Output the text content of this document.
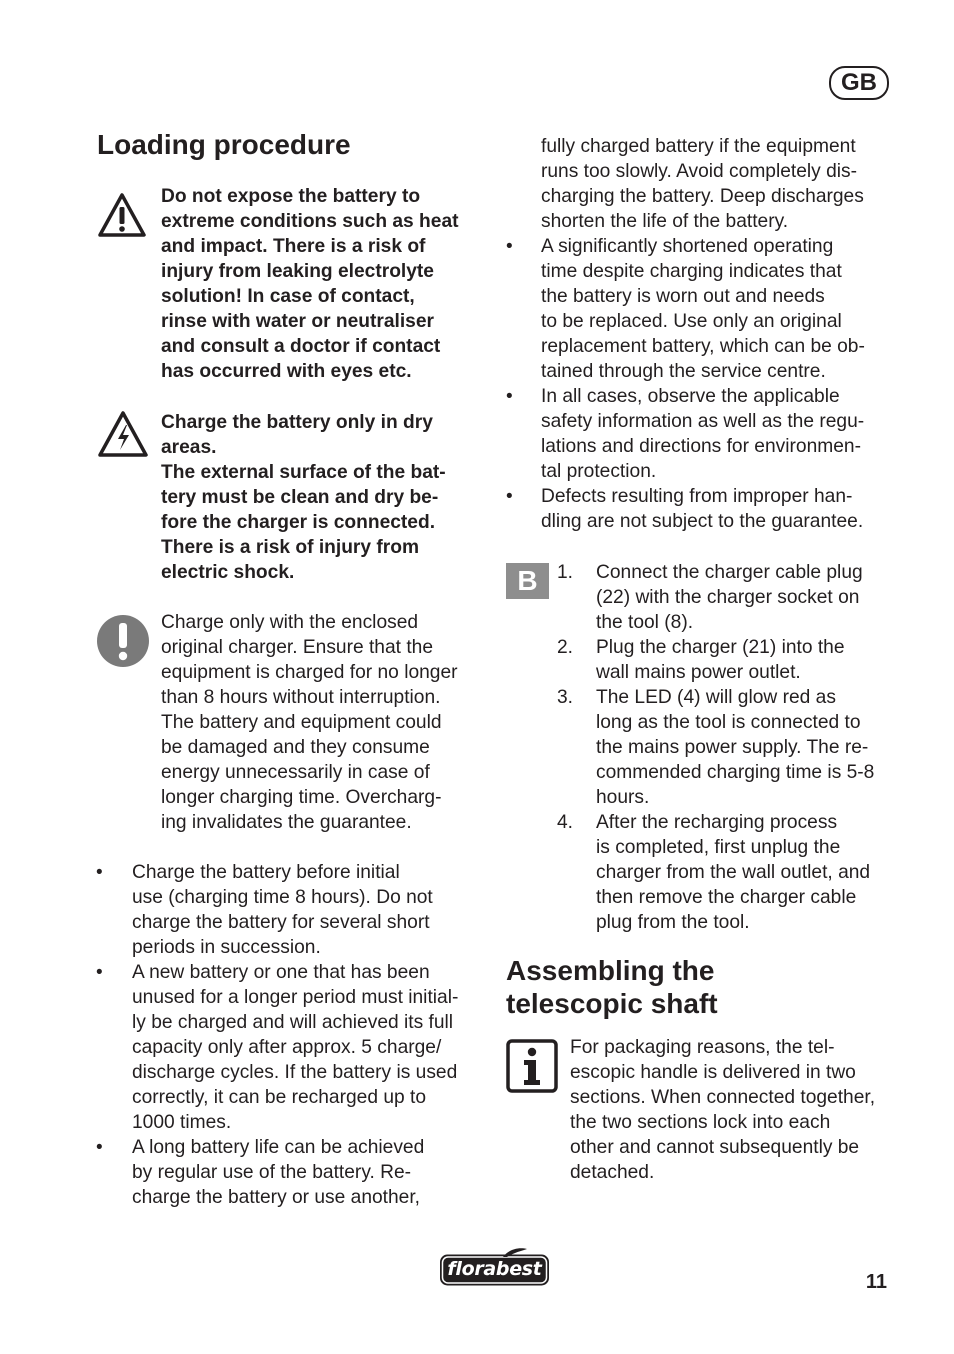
GB
Loading procedure
Do not expose the battery to
extreme conditions such as heat
and impact. There is a risk of
injury from leaking electrolyte
solution! In case of contact,
rinse with water or neutraliser
and consult a doctor if contact
has occurred with eyes etc.
Charge the battery only in dry
areas.
The external surface of the bat-
tery must be clean and dry be-
fore the charger is connected.
There is a risk of injury from
electric shock.
Charge only with the enclosed
original charger. Ensure that the
equipment is charged for no longer
than 8 hours without interruption.
The battery and equipment could
be damaged and they consume
energy unnecessarily in case of
longer charging time. Overcharg-
ing invalidates the guarantee.
• Charge the battery before initial
use (charging time 8 hours). Do not
charge the battery for several short
periods in succession.
• A new battery or one that has been
unused for a longer period must initial-
ly be charged and will achieved its full
capacity only after approx. 5 charge/
discharge cycles. If the battery is used
correctly, it can be recharged up to
1000 times.
• A long battery life can be achieved
by regular use of the battery. Re-
charge the battery or use another,
fully charged battery if the equipment
runs too slowly. Avoid completely dis-
charging the battery. Deep discharges
shorten the life of the battery.
• A significantly shortened operating
time despite charging indicates that
the battery is worn out and needs
to be replaced. Use only an original
replacement battery, which can be ob-
tained through the service centre.
• In all cases, observe the applicable
safety information as well as the regu-
lations and directions for environmen-
tal protection.
• Defects resulting from improper han-
dling are not subject to the guarantee.
B	1. Connect the charger cable plug
(22) with the charger socket on
the tool (8).
2. Plug the charger (21) into the
wall mains power outlet.
3. The LED (4) will glow red as
long as the tool is connected to
the mains power supply. The re-
commended charging time is 5-8
hours.
4. After the recharging process
is completed, first unplug the
charger from the wall outlet, and
then remove the charger cable
plug from the tool.
Assembling the
telescopic shaft
For packaging reasons, the tel-
escopic handle is delivered in two
sections. When connected together,
the two sections lock into each
other and cannot subsequently be
detached.
florabest
11
